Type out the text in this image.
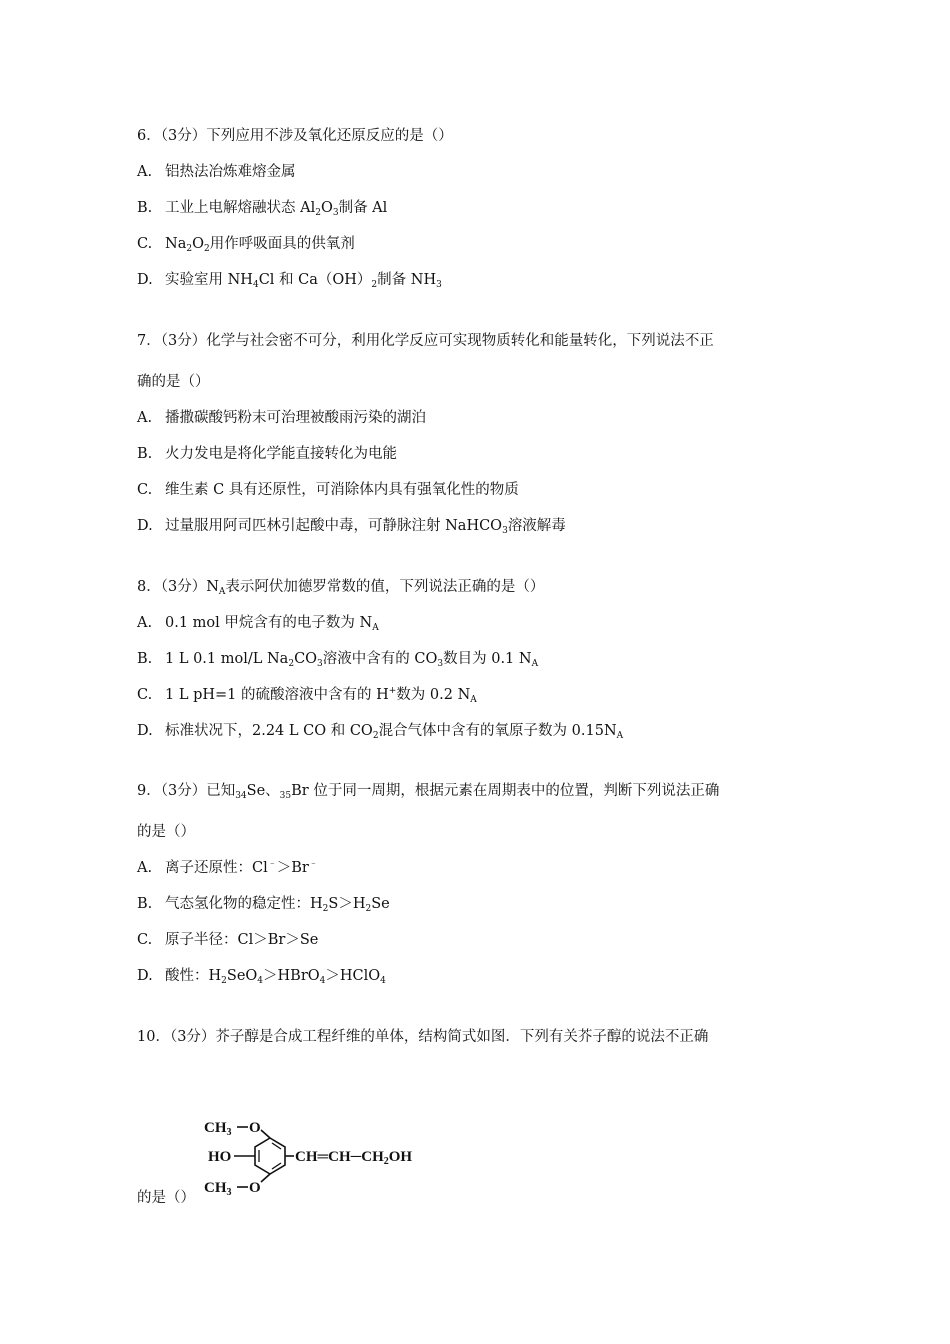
6．（3分）下列应用不涉及氧化还原反应的是（）
A. 铝热法冶炼难熔金属
B. 工业上电解熔融状态 $Al_2O_3$制备 Al
C. $Na_2O_2$用作呼吸面具的供氧剂
D. 实验室用 $NH_4Cl$ 和 $Ca(OH)_2$制备 $NH_3$
7．（3分）化学与社会密不可分，利用化学反应可实现物质转化和能量转化，下列说法不正
确的是（）
A. 播撒碳酸钙粉末可治理被酸雨污染的湖泊
B. 火力发电是将化学能直接转化为电能
C. 维生素 C 具有还原性，可消除体内具有强氧化性的物质
D. 过量服用阿司匹林引起酸中毒，可静脉注射 NaHCO$_3$溶液解毒
8．（3分）$N_A$表示阿伏加德罗常数的值，下列说法正确的是（）
A. 0.1 mol 甲烷含有的电子数为 $N_A$
B. 1 L 0.1 mol/L $Na_2CO_3$溶液中含有的 $CO_3$数目为 0.1 $N_A$
C. 1 L pH=1 的硫酸溶液中含有的 H+数为 0.2 $N_A$
D. 标准状况下，2.24 L CO 和 $CO_2$混合气体中含有的氧原子数为 $0.15N_A$
9．（3分）已知$_{34}$Se、$_{35}$Br 位于同一周期，根据元素在周期表中的位置，判断下列说法正确
的是（）
A. 离子还原性：Cl﹣＞Br﹣
B. 气态氢化物的稳定性：$H_2S>H_2Se$
C. 原子半径：Cl＞Br＞Se
D. 酸性：$H_2SeO_4>HBrO_4>HClO_4$
10．（3分）芥子醇是合成工程纤维的单体，结构简式如图．下列有关芥子醇的说法不正确
$CH_3$ O
HO
$CH_3$ O
$CH═CH─CH_2OH$
的是（）
